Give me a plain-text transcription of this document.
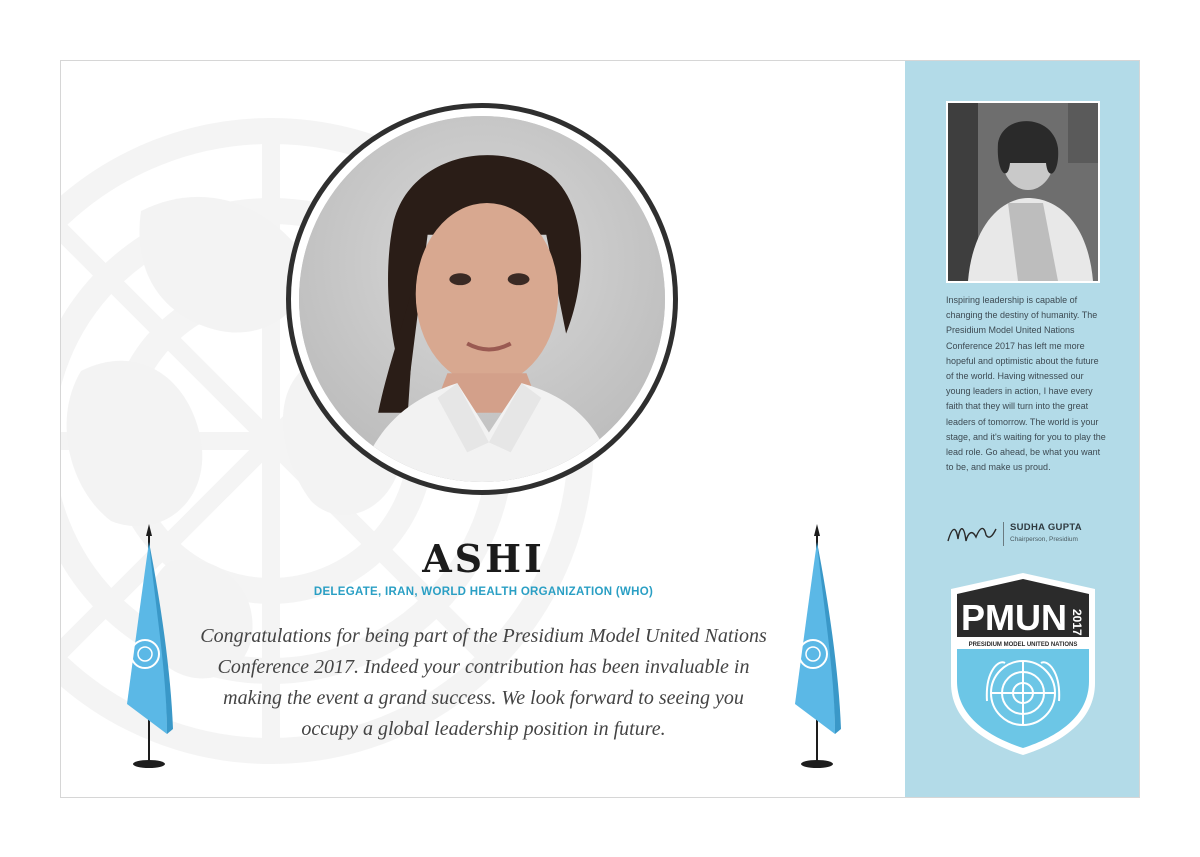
ASHI
DELEGATE, IRAN, WORLD HEALTH ORGANIZATION (WHO)
Congratulations for being part of the Presidium Model United Nations Conference 2017. Indeed your contribution has been invaluable in making the event a grand success. We look forward to seeing you occupy a global leadership position in future.
Inspiring leadership is capable of changing the destiny of humanity. The Presidium Model United Nations Conference 2017 has left me more hopeful and optimistic about the future of the world. Having witnessed our young leaders in action, I have every faith that they will turn into the great leaders of tomorrow. The world is your stage, and it's waiting for you to play the lead role. Go ahead, be what you want to be, and make us proud.
SUDHA GUPTA
Chairperson, Presidium
PMUN 2017
PRESIDIUM MODEL UNITED NATIONS
